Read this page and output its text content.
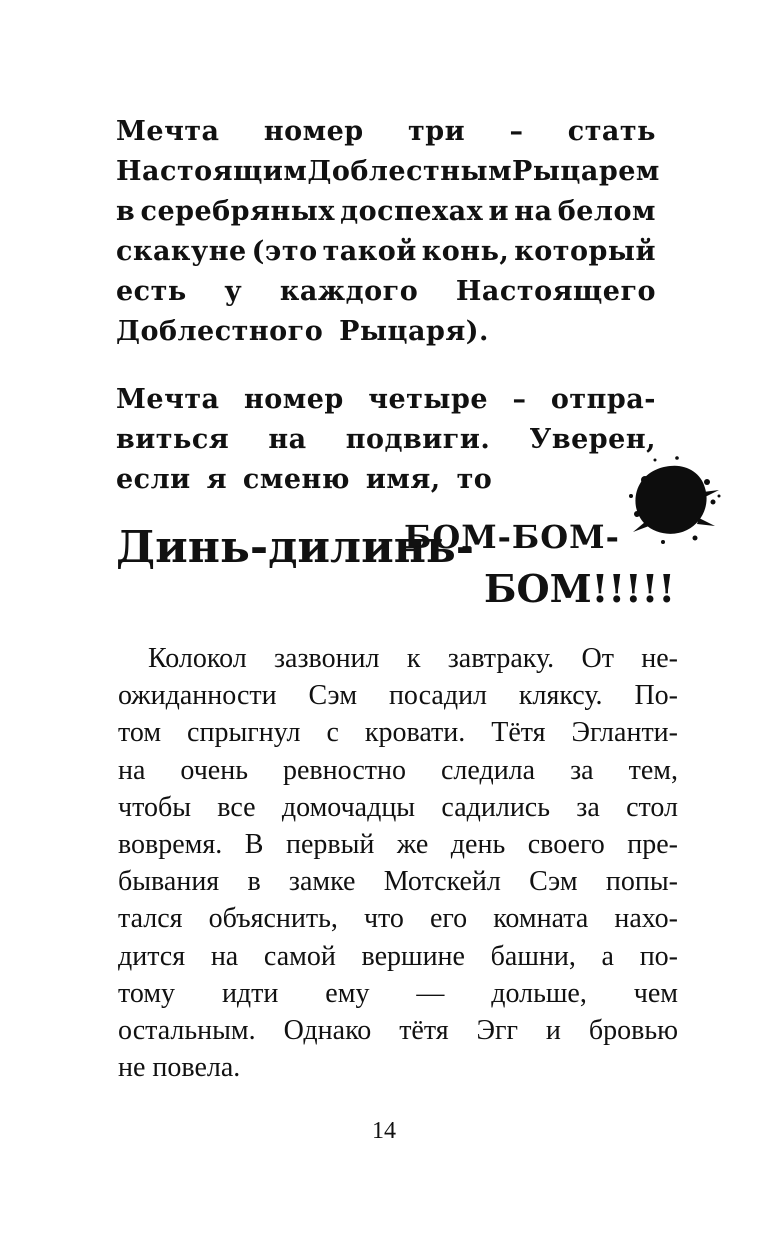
Мечта номер три – стать
Настоящим Доблестным Рыцарем
в серебряных доспехах и на белом
скакуне (это такой конь, который
есть у каждого Настоящего
Доблестного Рыцаря).
Мечта номер четыре – отпра-
виться на подвиги. Уверен,
если я сменю имя, то
Динь-дилинь-
БОМ-БОМ-
БОМ!!!!!
Колокол зазвонил к завтраку. От не-
ожиданности Сэм посадил кляксу. По-
том спрыгнул с кровати. Тётя Эгланти-
на очень ревностно следила за тем,
чтобы все домочадцы садились за стол
вовремя. В первый же день своего пре-
бывания в замке Мотскейл Сэм попы-
тался объяснить, что его комната нахо-
дится на самой вершине башни, а по-
тому идти ему — дольше, чем
остальным. Однако тётя Эгг и бровью
не повела.
14
